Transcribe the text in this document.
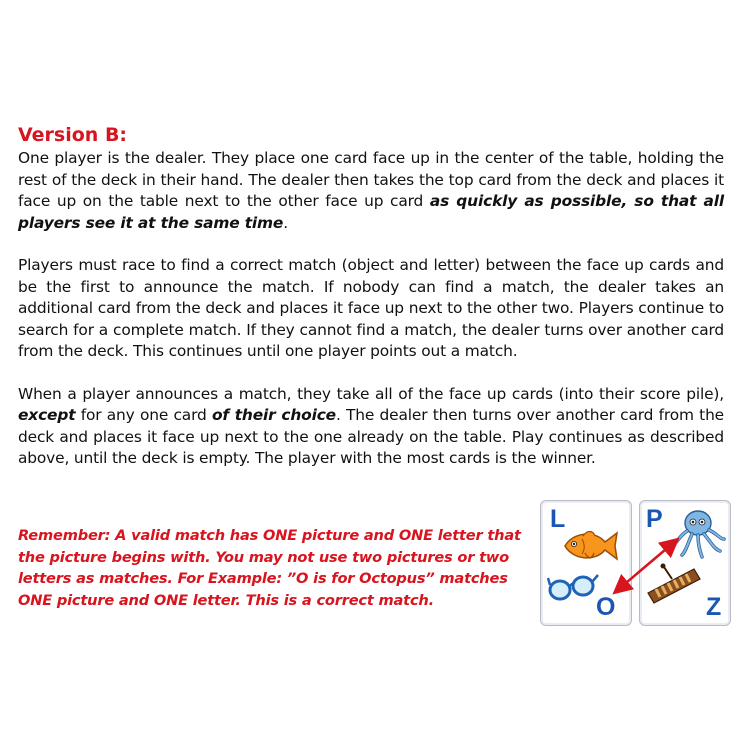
Version B:

One player is the dealer. They place one card face up in the center of the table, holding the rest of the deck in their hand. The dealer then takes the top card from the deck and places it face up on the table next to the other face up card as quickly as possible, so that all players see it at the same time.

Players must race to find a correct match (object and letter) between the face up cards and be the first to announce the match. If nobody can find a match, the dealer takes an additional card from the deck and places it face up next to the other two. Players continue to search for a complete match. If they cannot find a match, the dealer turns over another card from the deck. This continues until one player points out a match.

When a player announces a match, they take all of the face up cards (into their score pile), except for any one card of their choice. The dealer then turns over another card from the deck and places it face up next to the one already on the table. Play continues as described above, until the deck is empty. The player with the most cards is the winner.

Remember: A valid match has ONE picture and ONE letter that the picture begins with. You may not use two pictures or two letters as matches. For Example: ”O is for Octopus” matches ONE picture and ONE letter. This is a correct match.

L
O
P
Z
